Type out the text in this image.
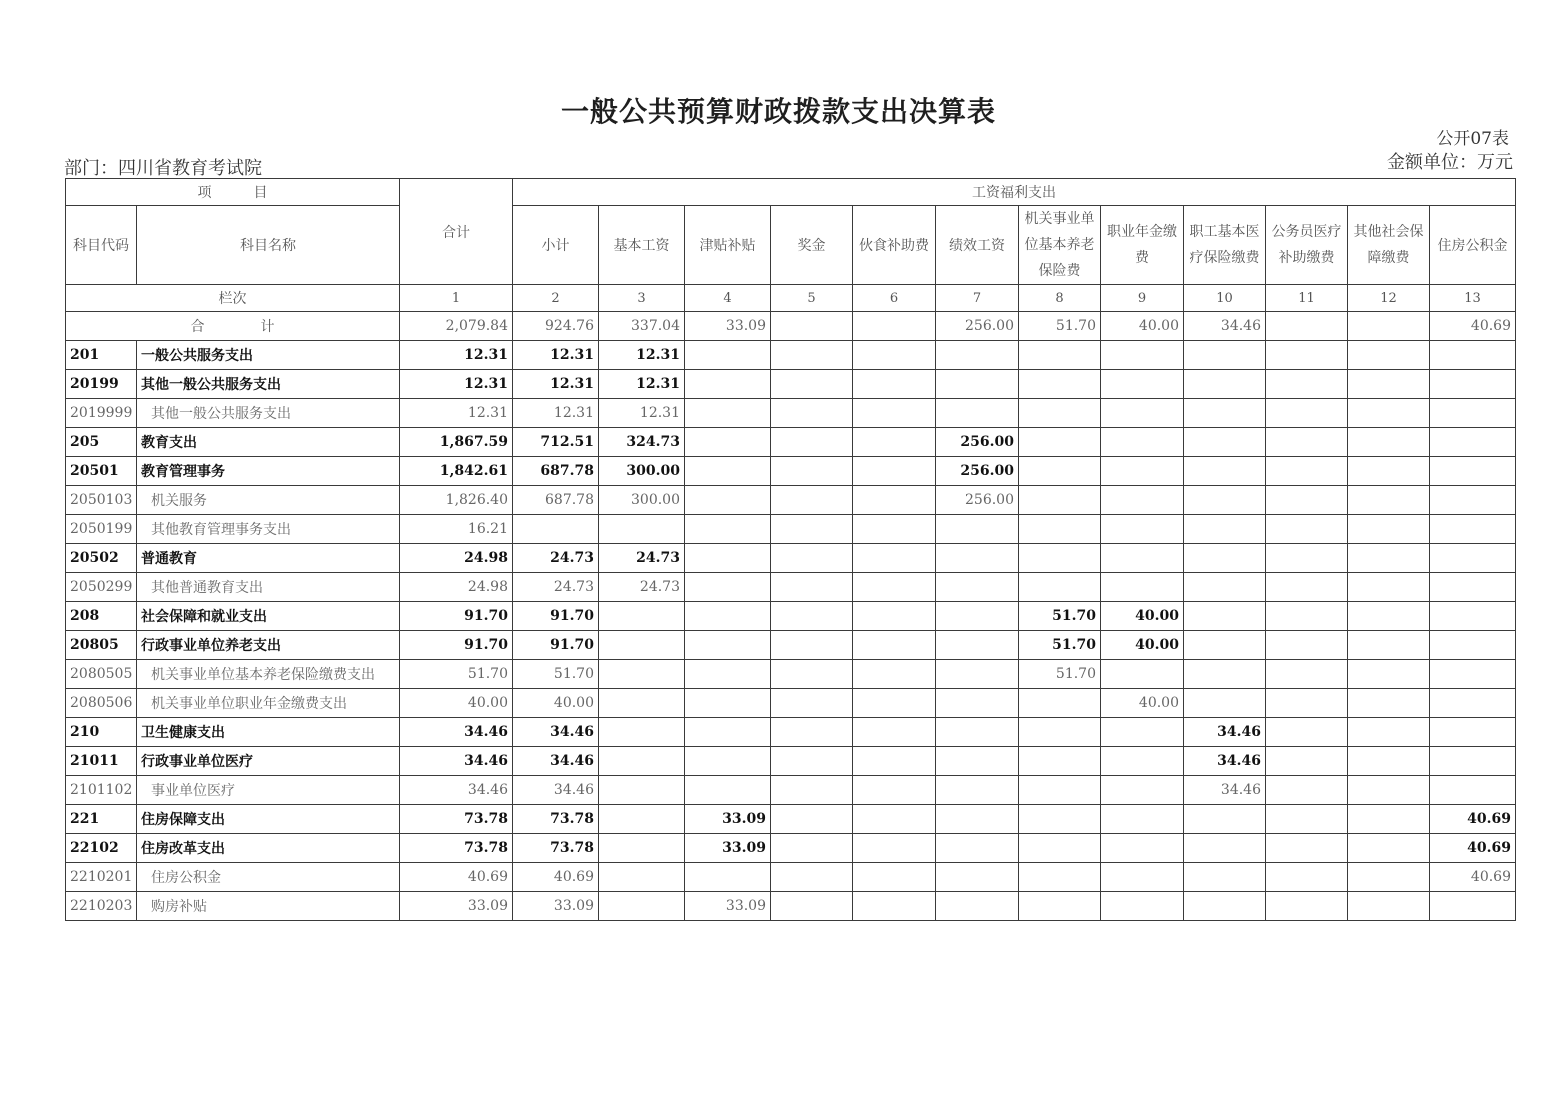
一般公共预算财政拨款支出决算表
公开07表
部门：四川省教育考试院	金额单位：万元
项　　　目		合计	工资福利支出											
科目代码	科目名称		小计	基本工资	津贴补贴	奖金	伙食补助费	绩效工资	机关事业单位基本养老保险费	职业年金缴费	职工基本医疗保险缴费	公务员医疗补助缴费	其他社会保障缴费	住房公积金
栏次		1	2	3	4	5	6	7	8	9	10	11	12	13
合　　　　计		2,079.84	924.76	337.04	33.09			256.00	51.70	40.00	34.46			40.69
201	一般公共服务支出	12.31	12.31	12.31										
20199	其他一般公共服务支出	12.31	12.31	12.31										
2019999	其他一般公共服务支出	12.31	12.31	12.31										
205	教育支出	1,867.59	712.51	324.73				256.00						
20501	教育管理事务	1,842.61	687.78	300.00				256.00						
2050103	机关服务	1,826.40	687.78	300.00				256.00						
2050199	其他教育管理事务支出	16.21												
20502	普通教育	24.98	24.73	24.73										
2050299	其他普通教育支出	24.98	24.73	24.73										
208	社会保障和就业支出	91.70	91.70						51.70	40.00				
20805	行政事业单位养老支出	91.70	91.70						51.70	40.00				
2080505	机关事业单位基本养老保险缴费支出	51.70	51.70						51.70					
2080506	机关事业单位职业年金缴费支出	40.00	40.00							40.00				
210	卫生健康支出	34.46	34.46								34.46			
21011	行政事业单位医疗	34.46	34.46								34.46			
2101102	事业单位医疗	34.46	34.46								34.46			
221	住房保障支出	73.78	73.78		33.09									40.69
22102	住房改革支出	73.78	73.78		33.09									40.69
2210201	住房公积金	40.69	40.69											40.69
2210203	购房补贴	33.09	33.09		33.09									
